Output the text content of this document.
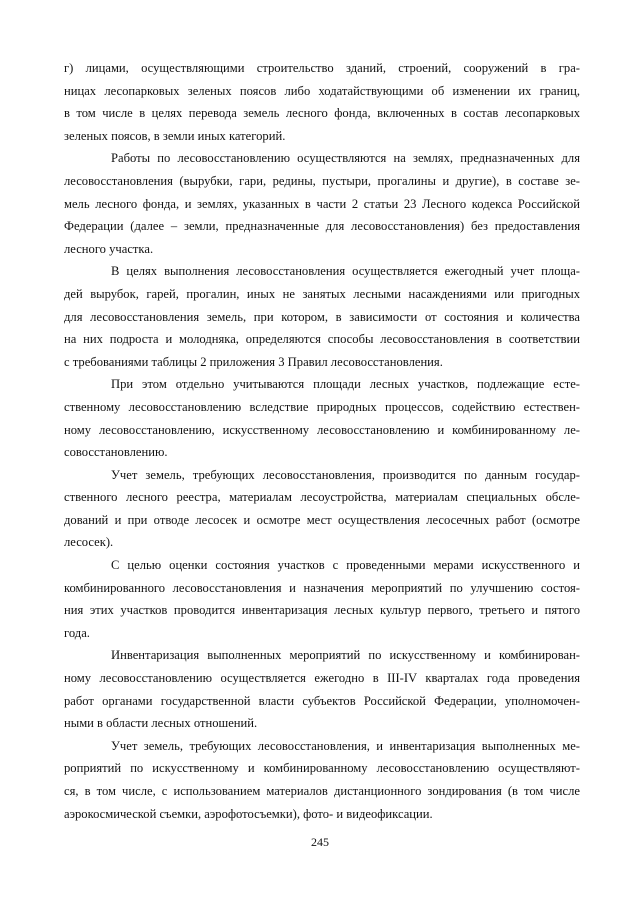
г) лицами, осуществляющими строительство зданий, строений, сооружений в гра-
ницах лесопарковых зеленых поясов либо ходатайствующими об изменении их границ,
в том числе в целях перевода земель лесного фонда, включенных в состав лесопарковых
зеленых поясов, в земли иных категорий.

Работы по лесовосстановлению осуществляются на землях, предназначенных для
лесовосстановления (вырубки, гари, редины, пустыри, прогалины и другие), в составе зе-
мель лесного фонда, и землях, указанных в части 2 статьи 23 Лесного кодекса Российской
Федерации (далее – земли, предназначенные для лесовосстановления) без предоставления
лесного участка.

В целях выполнения лесовосстановления осуществляется ежегодный учет площа-
дей вырубок, гарей, прогалин, иных не занятых лесными насаждениями или пригодных
для лесовосстановления земель, при котором, в зависимости от состояния и количества
на них подроста и молодняка, определяются способы лесовосстановления в соответствии
с требованиями таблицы 2 приложения 3 Правил лесовосстановления.

При этом отдельно учитываются площади лесных участков, подлежащие есте-
ственному лесовосстановлению вследствие природных процессов, содействию естествен-
ному лесовосстановлению, искусственному лесовосстановлению и комбинированному ле-
совосстановлению.

Учет земель, требующих лесовосстановления, производится по данным государ-
ственного лесного реестра, материалам лесоустройства, материалам специальных обсле-
дований и при отводе лесосек и осмотре мест осуществления лесосечных работ (осмотре
лесосек).

С целью оценки состояния участков с проведенными мерами искусственного и
комбинированного лесовосстановления и назначения мероприятий по улучшению состоя-
ния этих участков проводится инвентаризация лесных культур первого, третьего и пятого
года.

Инвентаризация выполненных мероприятий по искусственному и комбинирован-
ному лесовосстановлению осуществляется ежегодно в III-IV кварталах года проведения
работ органами государственной власти субъектов Российской Федерации, уполномочен-
ными в области лесных отношений.

Учет земель, требующих лесовосстановления, и инвентаризация выполненных ме-
роприятий по искусственному и комбинированному лесовосстановлению осуществляют-
ся, в том числе, с использованием материалов дистанционного зондирования (в том числе
аэрокосмической съемки, аэрофотосъемки), фото- и видеофиксации.

245
